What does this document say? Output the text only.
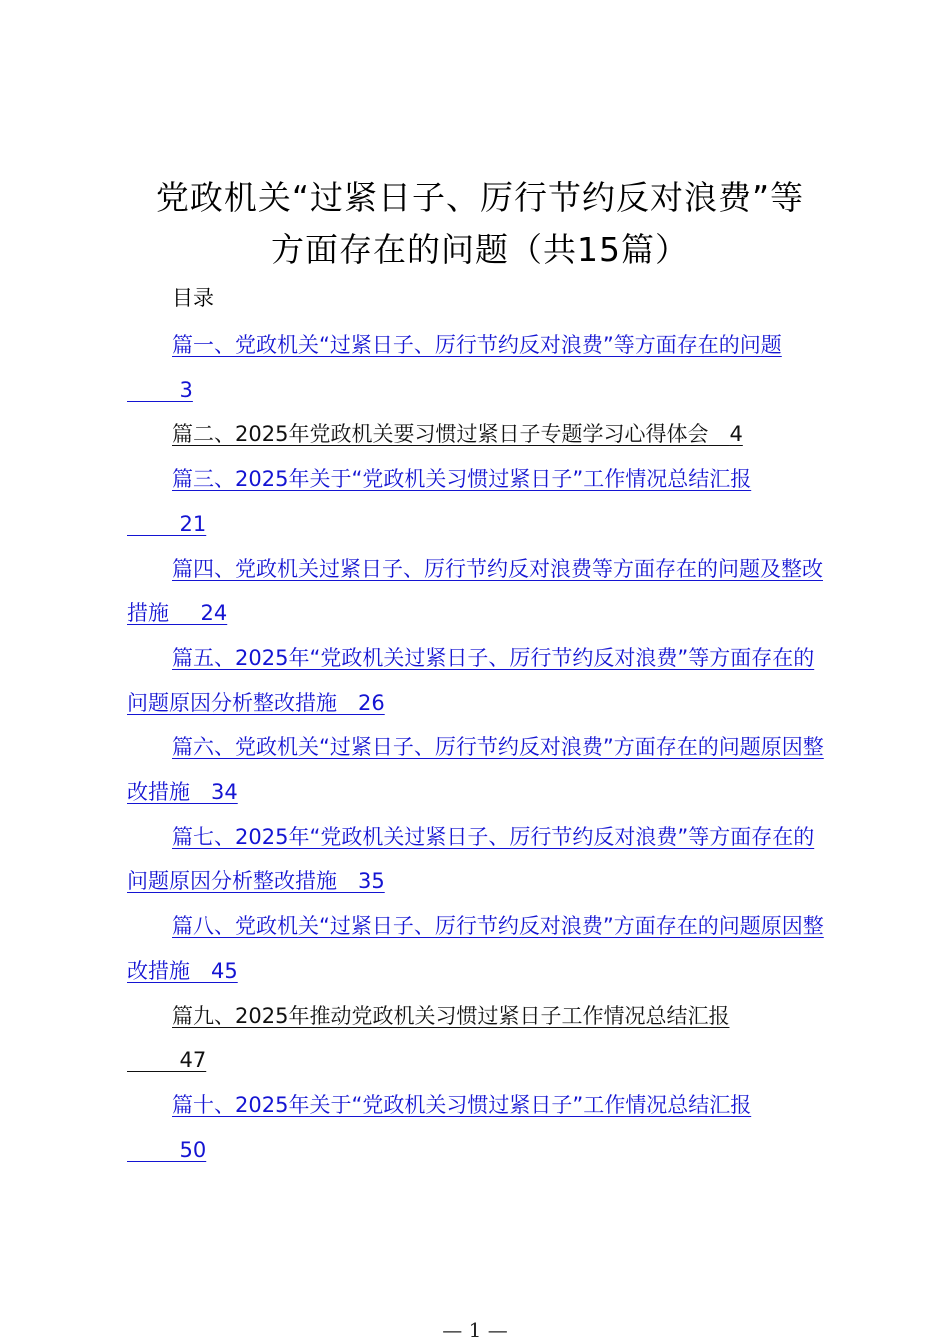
党政机关“过紧日子、厉行节约反对浪费”等
方面存在的问题（共15篇）
目录
篇一、党政机关“过紧日子、厉行节约反对浪费”等方面存在的问题
　　 3
篇二、2025年党政机关要习惯过紧日子专题学习心得体会　 4
篇三、2025年关于“党政机关习惯过紧日子”工作情况总结汇报
　　 21
篇四、党政机关过紧日子、厉行节约反对浪费等方面存在的问题及整改措施　  24
篇五、2025年“党政机关过紧日子、厉行节约反对浪费”等方面存在的问题原因分析整改措施　 26
篇六、党政机关“过紧日子、厉行节约反对浪费”方面存在的问题原因整改措施　 34
篇七、2025年“党政机关过紧日子、厉行节约反对浪费”等方面存在的问题原因分析整改措施　 35
篇八、党政机关“过紧日子、厉行节约反对浪费”方面存在的问题原因整改措施　 45
篇九、2025年推动党政机关习惯过紧日子工作情况总结汇报
　　 47
篇十、2025年关于“党政机关习惯过紧日子”工作情况总结汇报
　　 50
— 1 —
